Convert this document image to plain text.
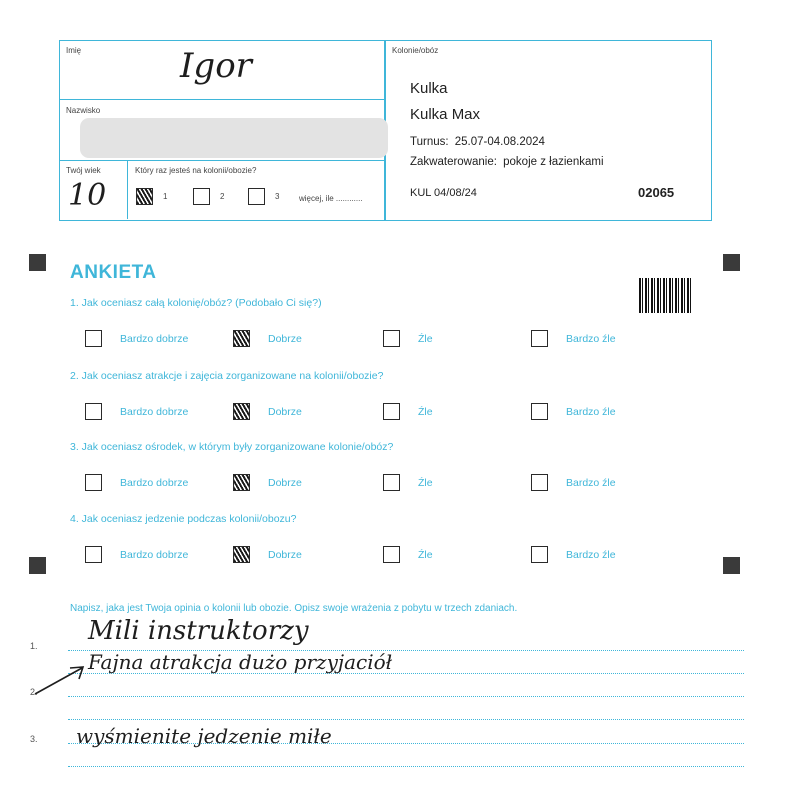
Imię	Igor
Nazwisko
Twój wiek
10
Który raz jesteś na kolonii/obozie?
1	2	3 więcej, ile ............
Kolonie/obóz
Kulka
Kulka Max
Turnus: 25.07-04.08.2024
Zakwaterowanie: pokoje z łazienkami
KUL 04/08/24	02065
ANKIETA
1. Jak oceniasz całą kolonię/obóz? (Podobało Ci się?)
Bardzo dobrze	Dobrze	Źle	Bardzo źle
2. Jak oceniasz atrakcje i zajęcia zorganizowane na kolonii/obozie?
Bardzo dobrze	Dobrze	Źle	Bardzo źle
3. Jak oceniasz ośrodek, w którym były zorganizowane kolonie/obóz?
Bardzo dobrze	Dobrze	Źle	Bardzo źle
4. Jak oceniasz jedzenie podczas kolonii/obozu?
Bardzo dobrze	Dobrze	Źle	Bardzo źle
Napisz, jaka jest Twoja opinia o kolonii lub obozie. Opisz swoje wrażenia z pobytu w trzech zdaniach.
1.
2.
3.
Mili instruktorzy
Fajna atrakcja dużo przyjaciół
wyśmienite jedzenie miłe
